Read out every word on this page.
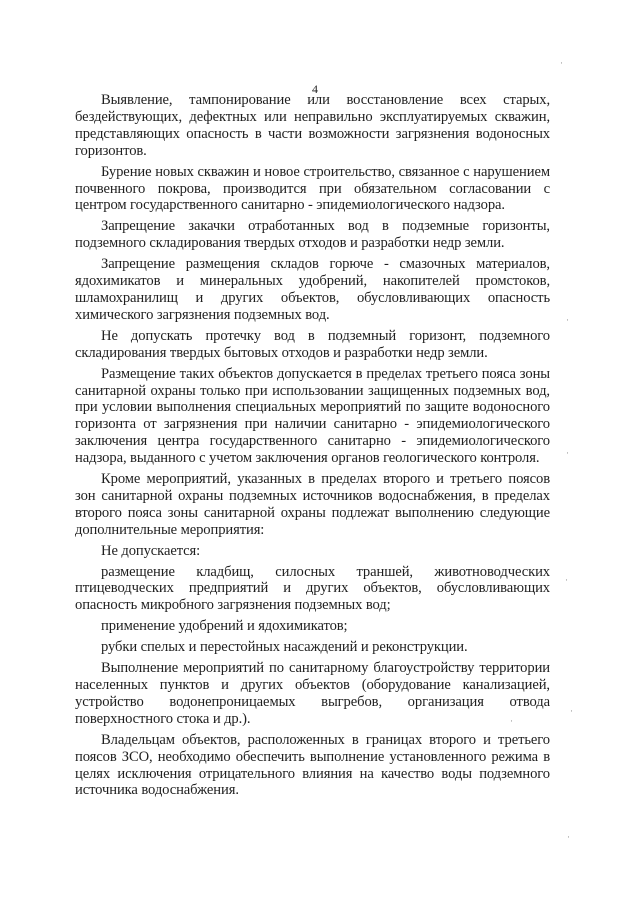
4

Выявление, тампонирование или восстановление всех старых, бездействующих, дефектных или неправильно эксплуатируемых скважин, представляющих опасность в части возможности загрязнения водоносных горизонтов.

Бурение новых скважин и новое строительство, связанное с нарушением почвенного покрова, производится при обязательном согласовании с центром государственного санитарно - эпидемиологического надзора.

Запрещение закачки отработанных вод в подземные горизонты, подземного складирования твердых отходов и разработки недр земли.

Запрещение размещения складов горюче - смазочных материалов, ядохимикатов и минеральных удобрений, накопителей промстоков, шламохранилищ и других объектов, обусловливающих опасность химического загрязнения подземных вод.

Не допускать протечку вод в подземный горизонт, подземного складирования твердых бытовых отходов и разработки недр земли.

Размещение таких объектов допускается в пределах третьего пояса зоны санитарной охраны только при использовании защищенных подземных вод, при условии выполнения специальных мероприятий по защите водоносного горизонта от загрязнения при наличии санитарно - эпидемиологического заключения центра государственного санитарно - эпидемиологического надзора, выданного с учетом заключения органов геологического контроля.

Кроме мероприятий, указанных в пределах второго и третьего поясов зон санитарной охраны подземных источников водоснабжения, в пределах второго пояса зоны санитарной охраны подлежат выполнению следующие дополнительные мероприятия:

Не допускается:

размещение кладбищ, силосных траншей, животноводческих птицеводческих предприятий и других объектов, обусловливающих опасность микробного загрязнения подземных вод;

применение удобрений и ядохимикатов;

рубки спелых и перестойных насаждений и реконструкции.

Выполнение мероприятий по санитарному благоустройству территории населенных пунктов и других объектов (оборудование канализацией, устройство водонепроницаемых выгребов, организация отвода поверхностного стока и др.).

Владельцам объектов, расположенных в границах второго и третьего поясов ЗСО, необходимо обеспечить выполнение установленного режима в целях исключения отрицательного влияния на качество воды подземного источника водоснабжения.

·
·
·
·
·
·
·
